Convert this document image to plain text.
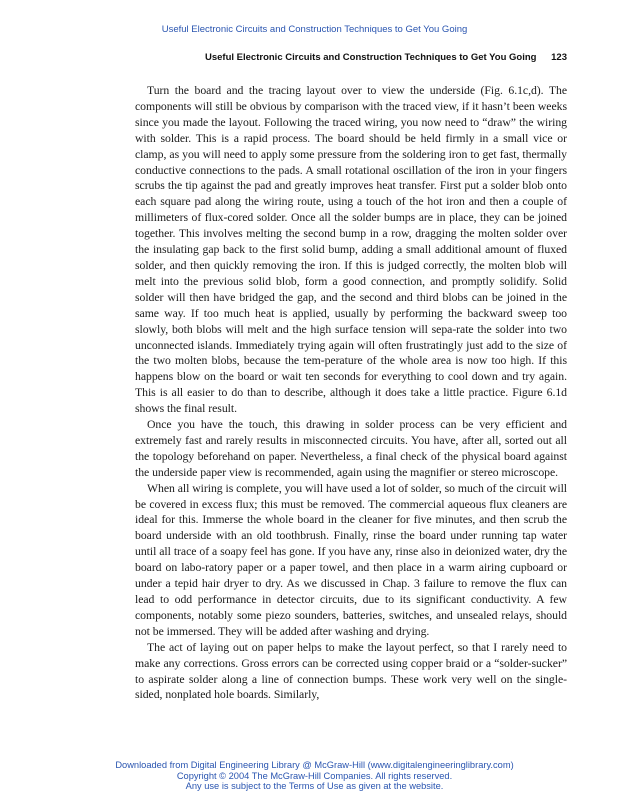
Useful Electronic Circuits and Construction Techniques to Get You Going
Useful Electronic Circuits and Construction Techniques to Get You Going 123

Turn the board and the tracing layout over to view the underside (Fig. 6.1c,d). The components will still be obvious by comparison with the traced view, if it hasn’t been weeks since you made the layout. Following the traced wiring, you now need to “draw” the wiring with solder. This is a rapid process. The board should be held firmly in a small vice or clamp, as you will need to apply some pressure from the soldering iron to get fast, thermally conductive connections to the pads. A small rotational oscillation of the iron in your fingers scrubs the tip against the pad and greatly improves heat transfer. First put a solder blob onto each square pad along the wiring route, using a touch of the hot iron and then a couple of millimeters of flux-cored solder. Once all the solder bumps are in place, they can be joined together. This involves melting the second bump in a row, dragging the molten solder over the insulating gap back to the first solid bump, adding a small additional amount of fluxed solder, and then quickly removing the iron. If this is judged correctly, the molten blob will melt into the previous solid blob, form a good connection, and promptly solidify. Solid solder will then have bridged the gap, and the second and third blobs can be joined in the same way. If too much heat is applied, usually by performing the backward sweep too slowly, both blobs will melt and the high surface tension will sepa-rate the solder into two unconnected islands. Immediately trying again will often frustratingly just add to the size of the two molten blobs, because the tem-perature of the whole area is now too high. If this happens blow on the board or wait ten seconds for everything to cool down and try again. This is all easier to do than to describe, although it does take a little practice. Figure 6.1d shows the final result.

Once you have the touch, this drawing in solder process can be very efficient and extremely fast and rarely results in misconnected circuits. You have, after all, sorted out all the topology beforehand on paper. Nevertheless, a final check of the physical board against the underside paper view is recommended, again using the magnifier or stereo microscope.

When all wiring is complete, you will have used a lot of solder, so much of the circuit will be covered in excess flux; this must be removed. The commercial aqueous flux cleaners are ideal for this. Immerse the whole board in the cleaner for five minutes, and then scrub the board underside with an old toothbrush. Finally, rinse the board under running tap water until all trace of a soapy feel has gone. If you have any, rinse also in deionized water, dry the board on labo-ratory paper or a paper towel, and then place in a warm airing cupboard or under a tepid hair dryer to dry. As we discussed in Chap. 3 failure to remove the flux can lead to odd performance in detector circuits, due to its significant conductivity. A few components, notably some piezo sounders, batteries, switches, and unsealed relays, should not be immersed. They will be added after washing and drying.

The act of laying out on paper helps to make the layout perfect, so that I rarely need to make any corrections. Gross errors can be corrected using copper braid or a “solder-sucker” to aspirate solder along a line of connection bumps. These work very well on the single-sided, nonplated hole boards. Similarly,

Downloaded from Digital Engineering Library @ McGraw-Hill (www.digitalengineeringlibrary.com)
Copyright © 2004 The McGraw-Hill Companies. All rights reserved.
Any use is subject to the Terms of Use as given at the website.
